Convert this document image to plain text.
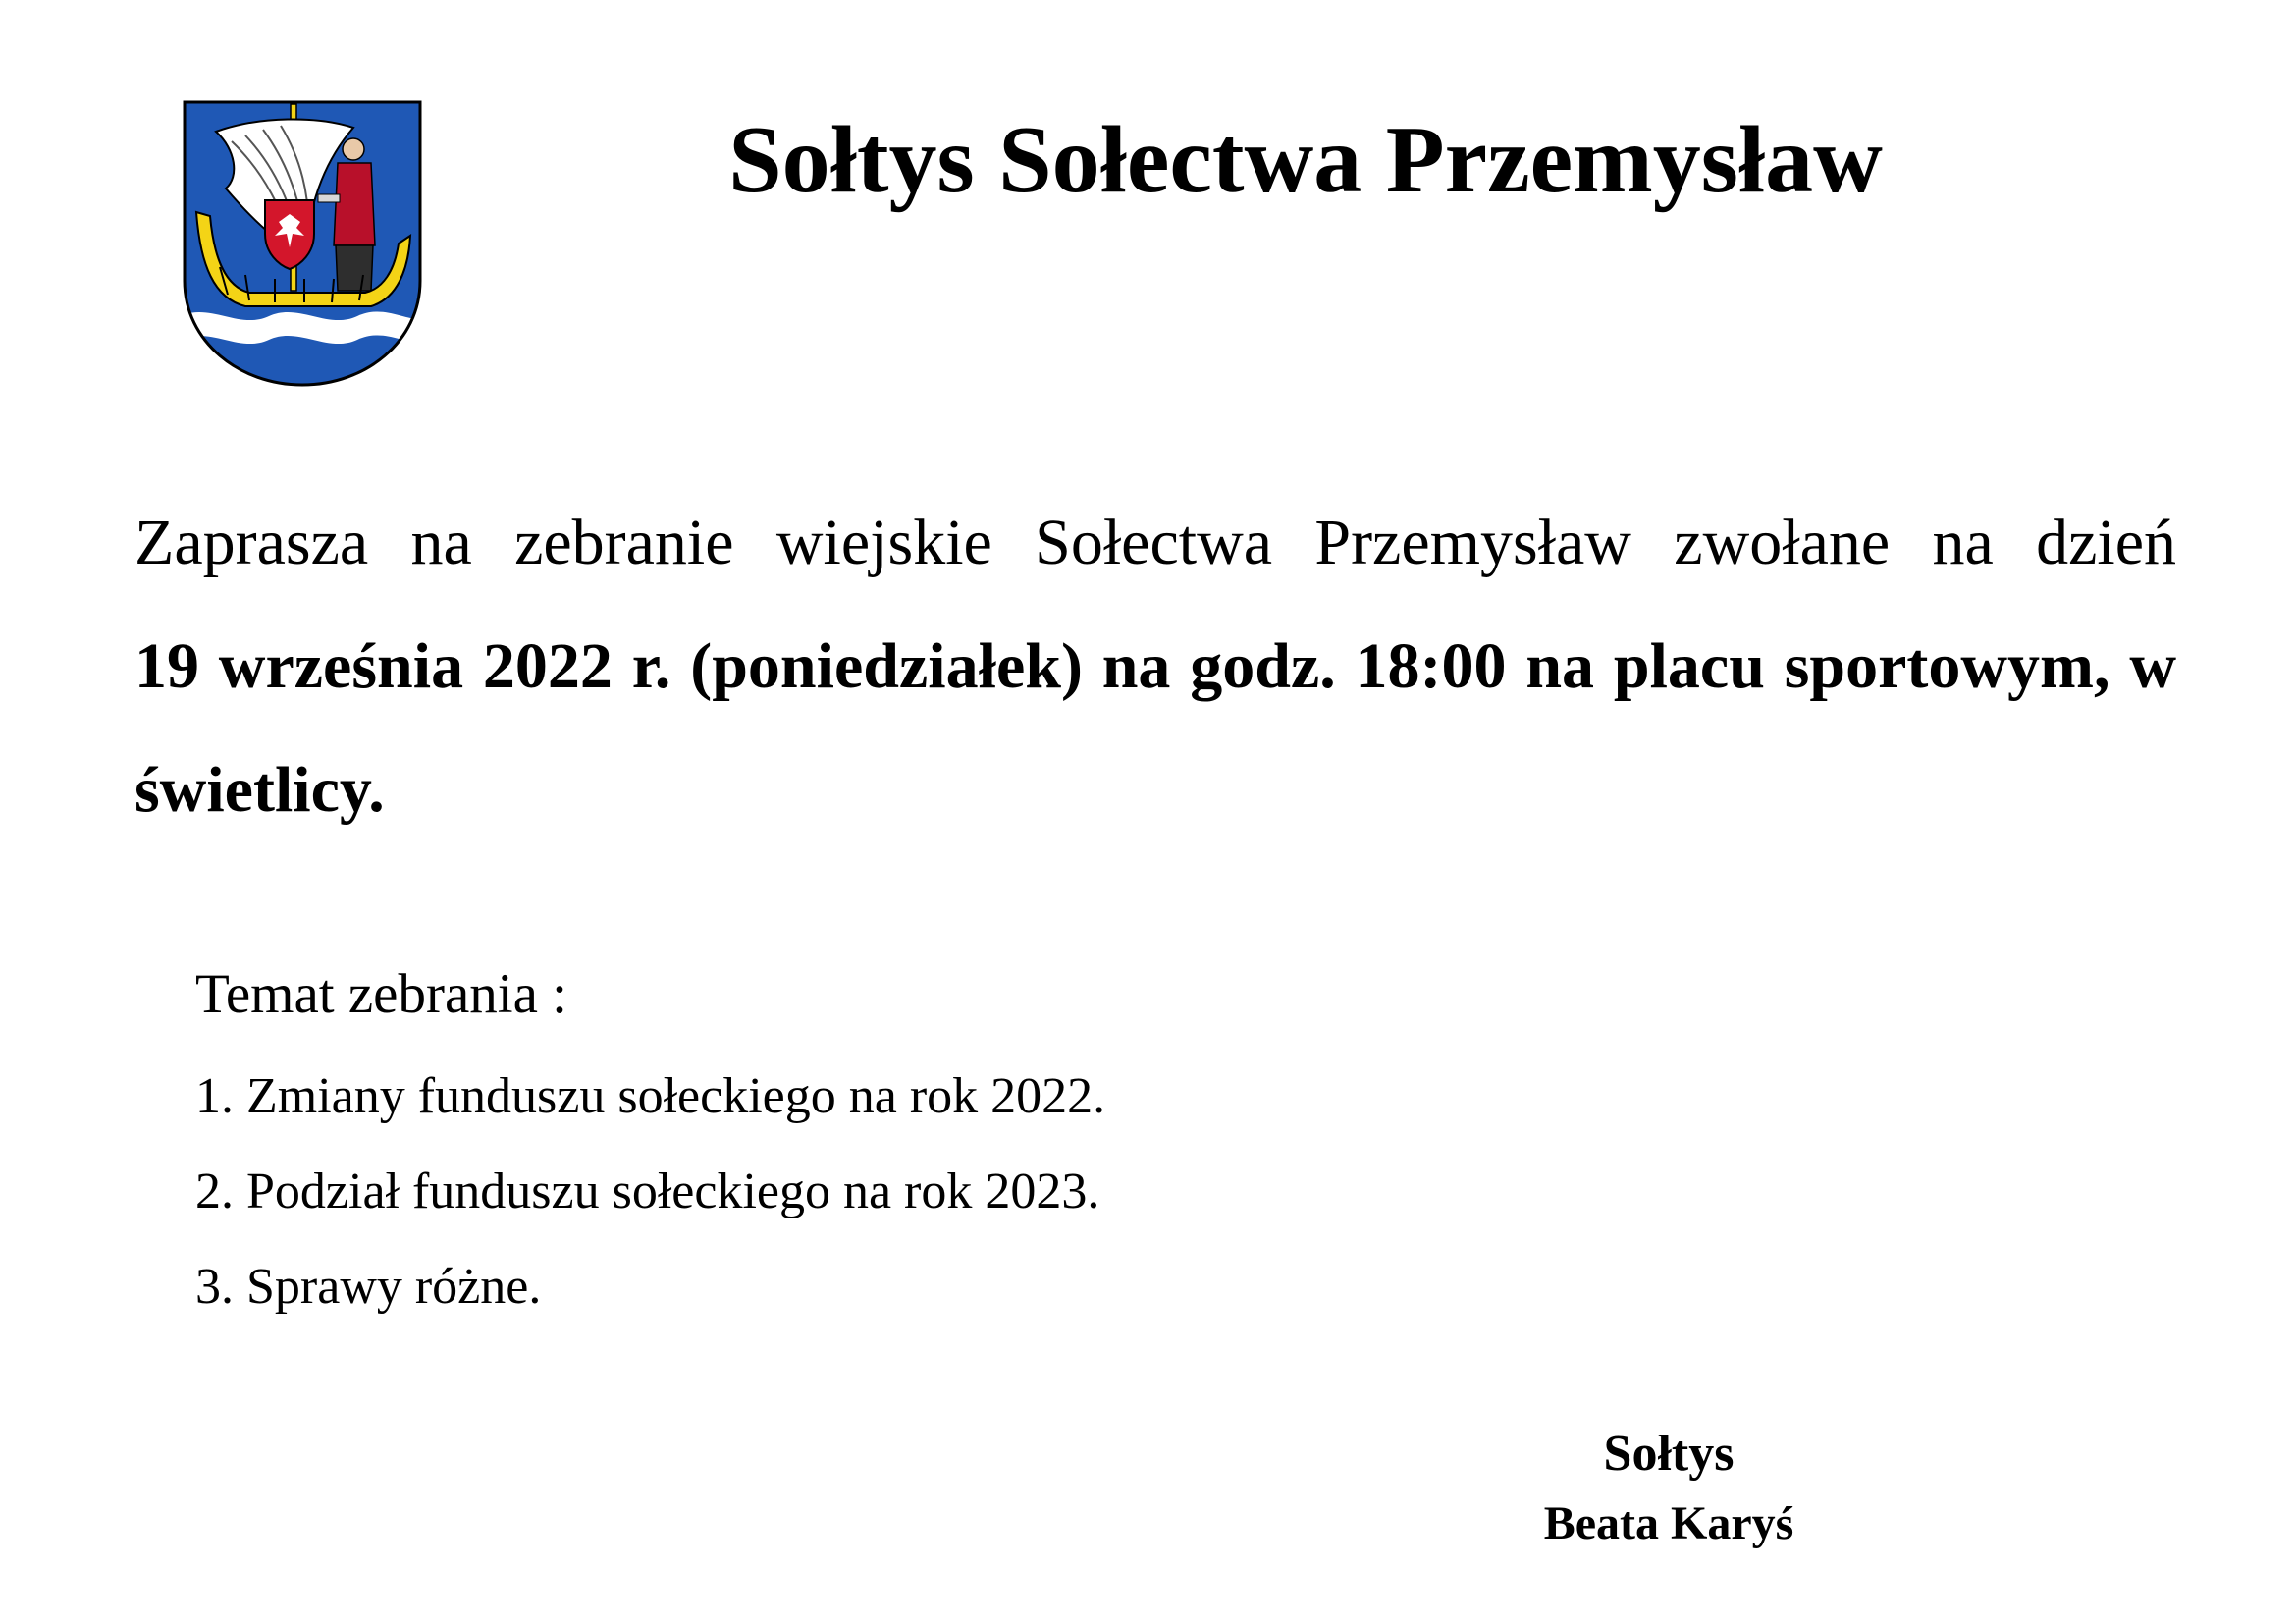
Sołtys Sołectwa Przemysław

Zaprasza na zebranie wiejskie Sołectwa Przemysław zwołane na dzień
19 września 2022 r. (poniedziałek) na godz. 18:00 na placu sportowym, w świetlicy.

Temat zebrania :
1. Zmiany funduszu sołeckiego na rok 2022.
2. Podział funduszu sołeckiego na rok 2023.
3. Sprawy różne.
Sołtys
Beata Karyś
